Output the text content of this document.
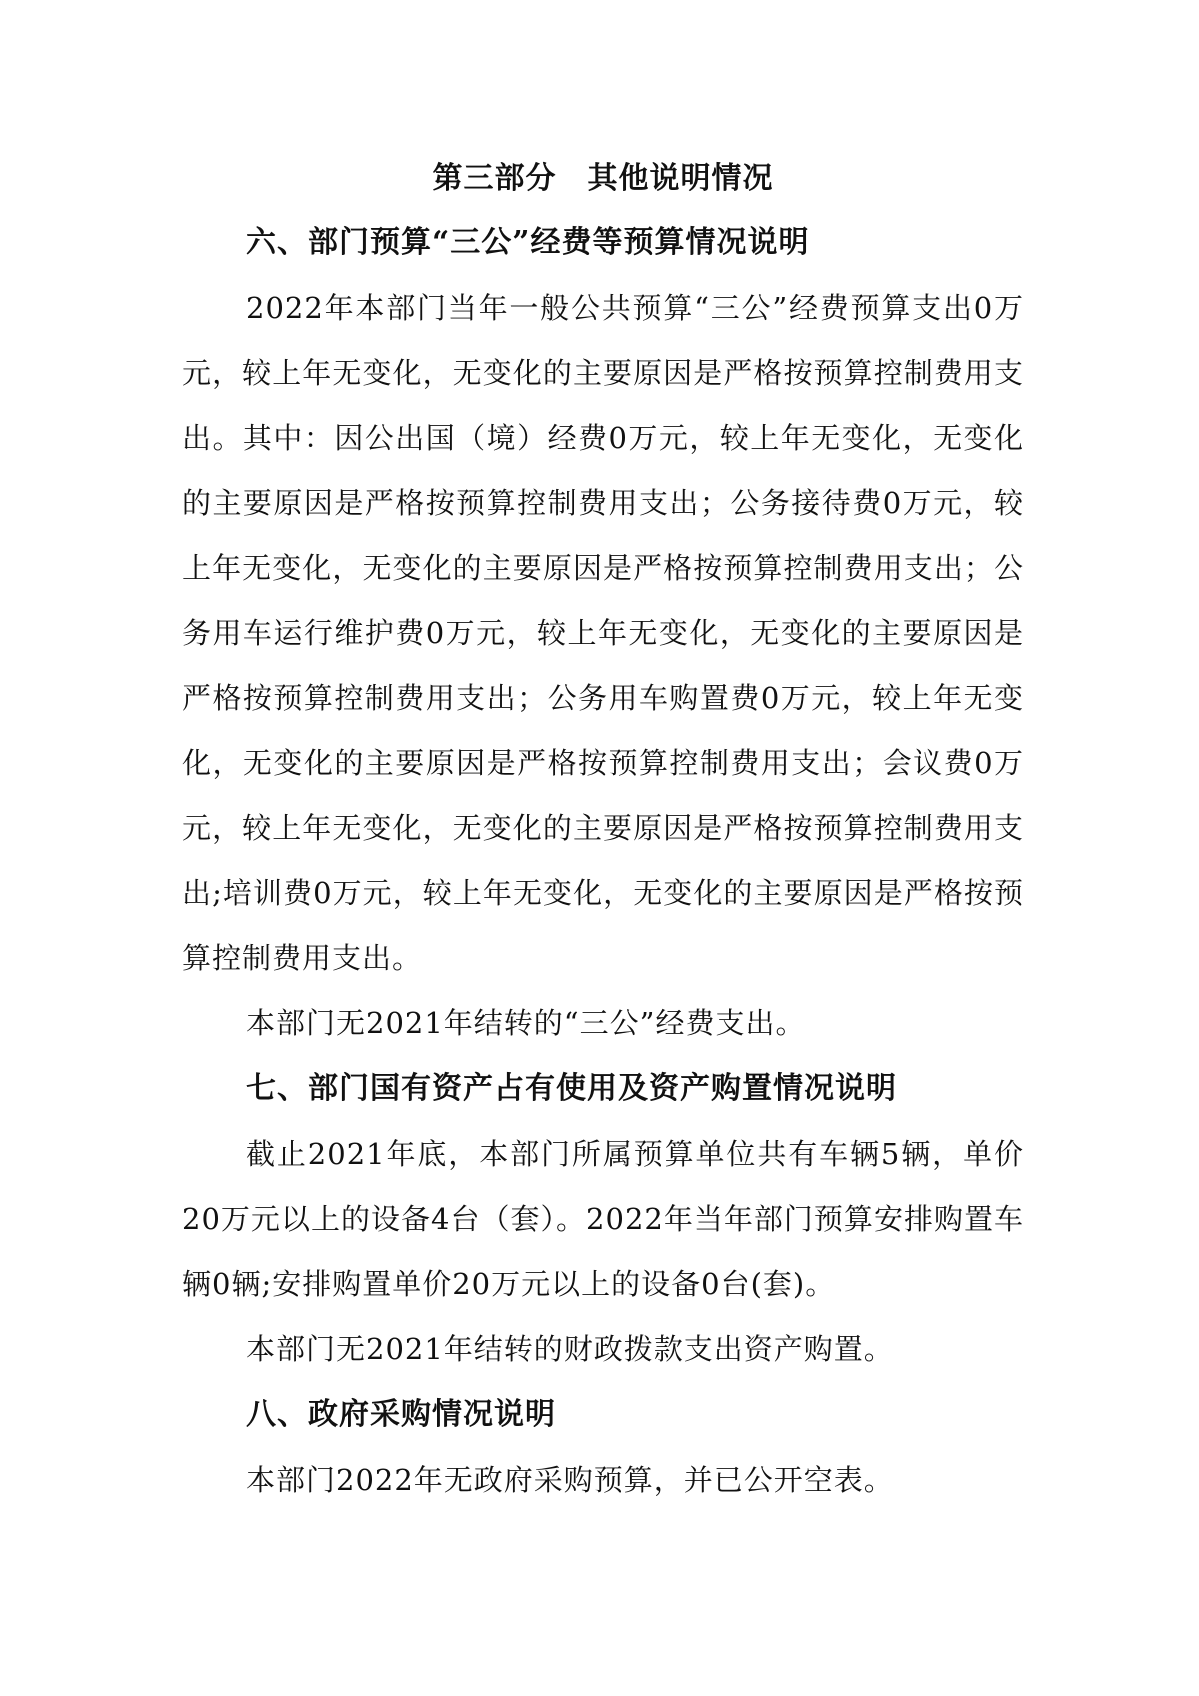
第三部分　其他说明情况
六、部门预算“三公”经费等预算情况说明

2022年本部门当年一般公共预算“三公”经费预算支出0万元，较上年无变化，无变化的主要原因是严格按预算控制费用支出。其中：因公出国（境）经费0万元，较上年无变化，无变化的主要原因是严格按预算控制费用支出；公务接待费0万元，较上年无变化，无变化的主要原因是严格按预算控制费用支出；公务用车运行维护费0万元，较上年无变化，无变化的主要原因是严格按预算控制费用支出；公务用车购置费0万元，较上年无变化，无变化的主要原因是严格按预算控制费用支出；会议费0万元，较上年无变化，无变化的主要原因是严格按预算控制费用支出;培训费0万元，较上年无变化，无变化的主要原因是严格按预算控制费用支出。

本部门无2021年结转的“三公”经费支出。

七、部门国有资产占有使用及资产购置情况说明

截止2021年底，本部门所属预算单位共有车辆5辆，单价20万元以上的设备4台（套）。2022年当年部门预算安排购置车辆0辆;安排购置单价20万元以上的设备0台(套)。

本部门无2021年结转的财政拨款支出资产购置。

八、政府采购情况说明

本部门2022年无政府采购预算，并已公开空表。
